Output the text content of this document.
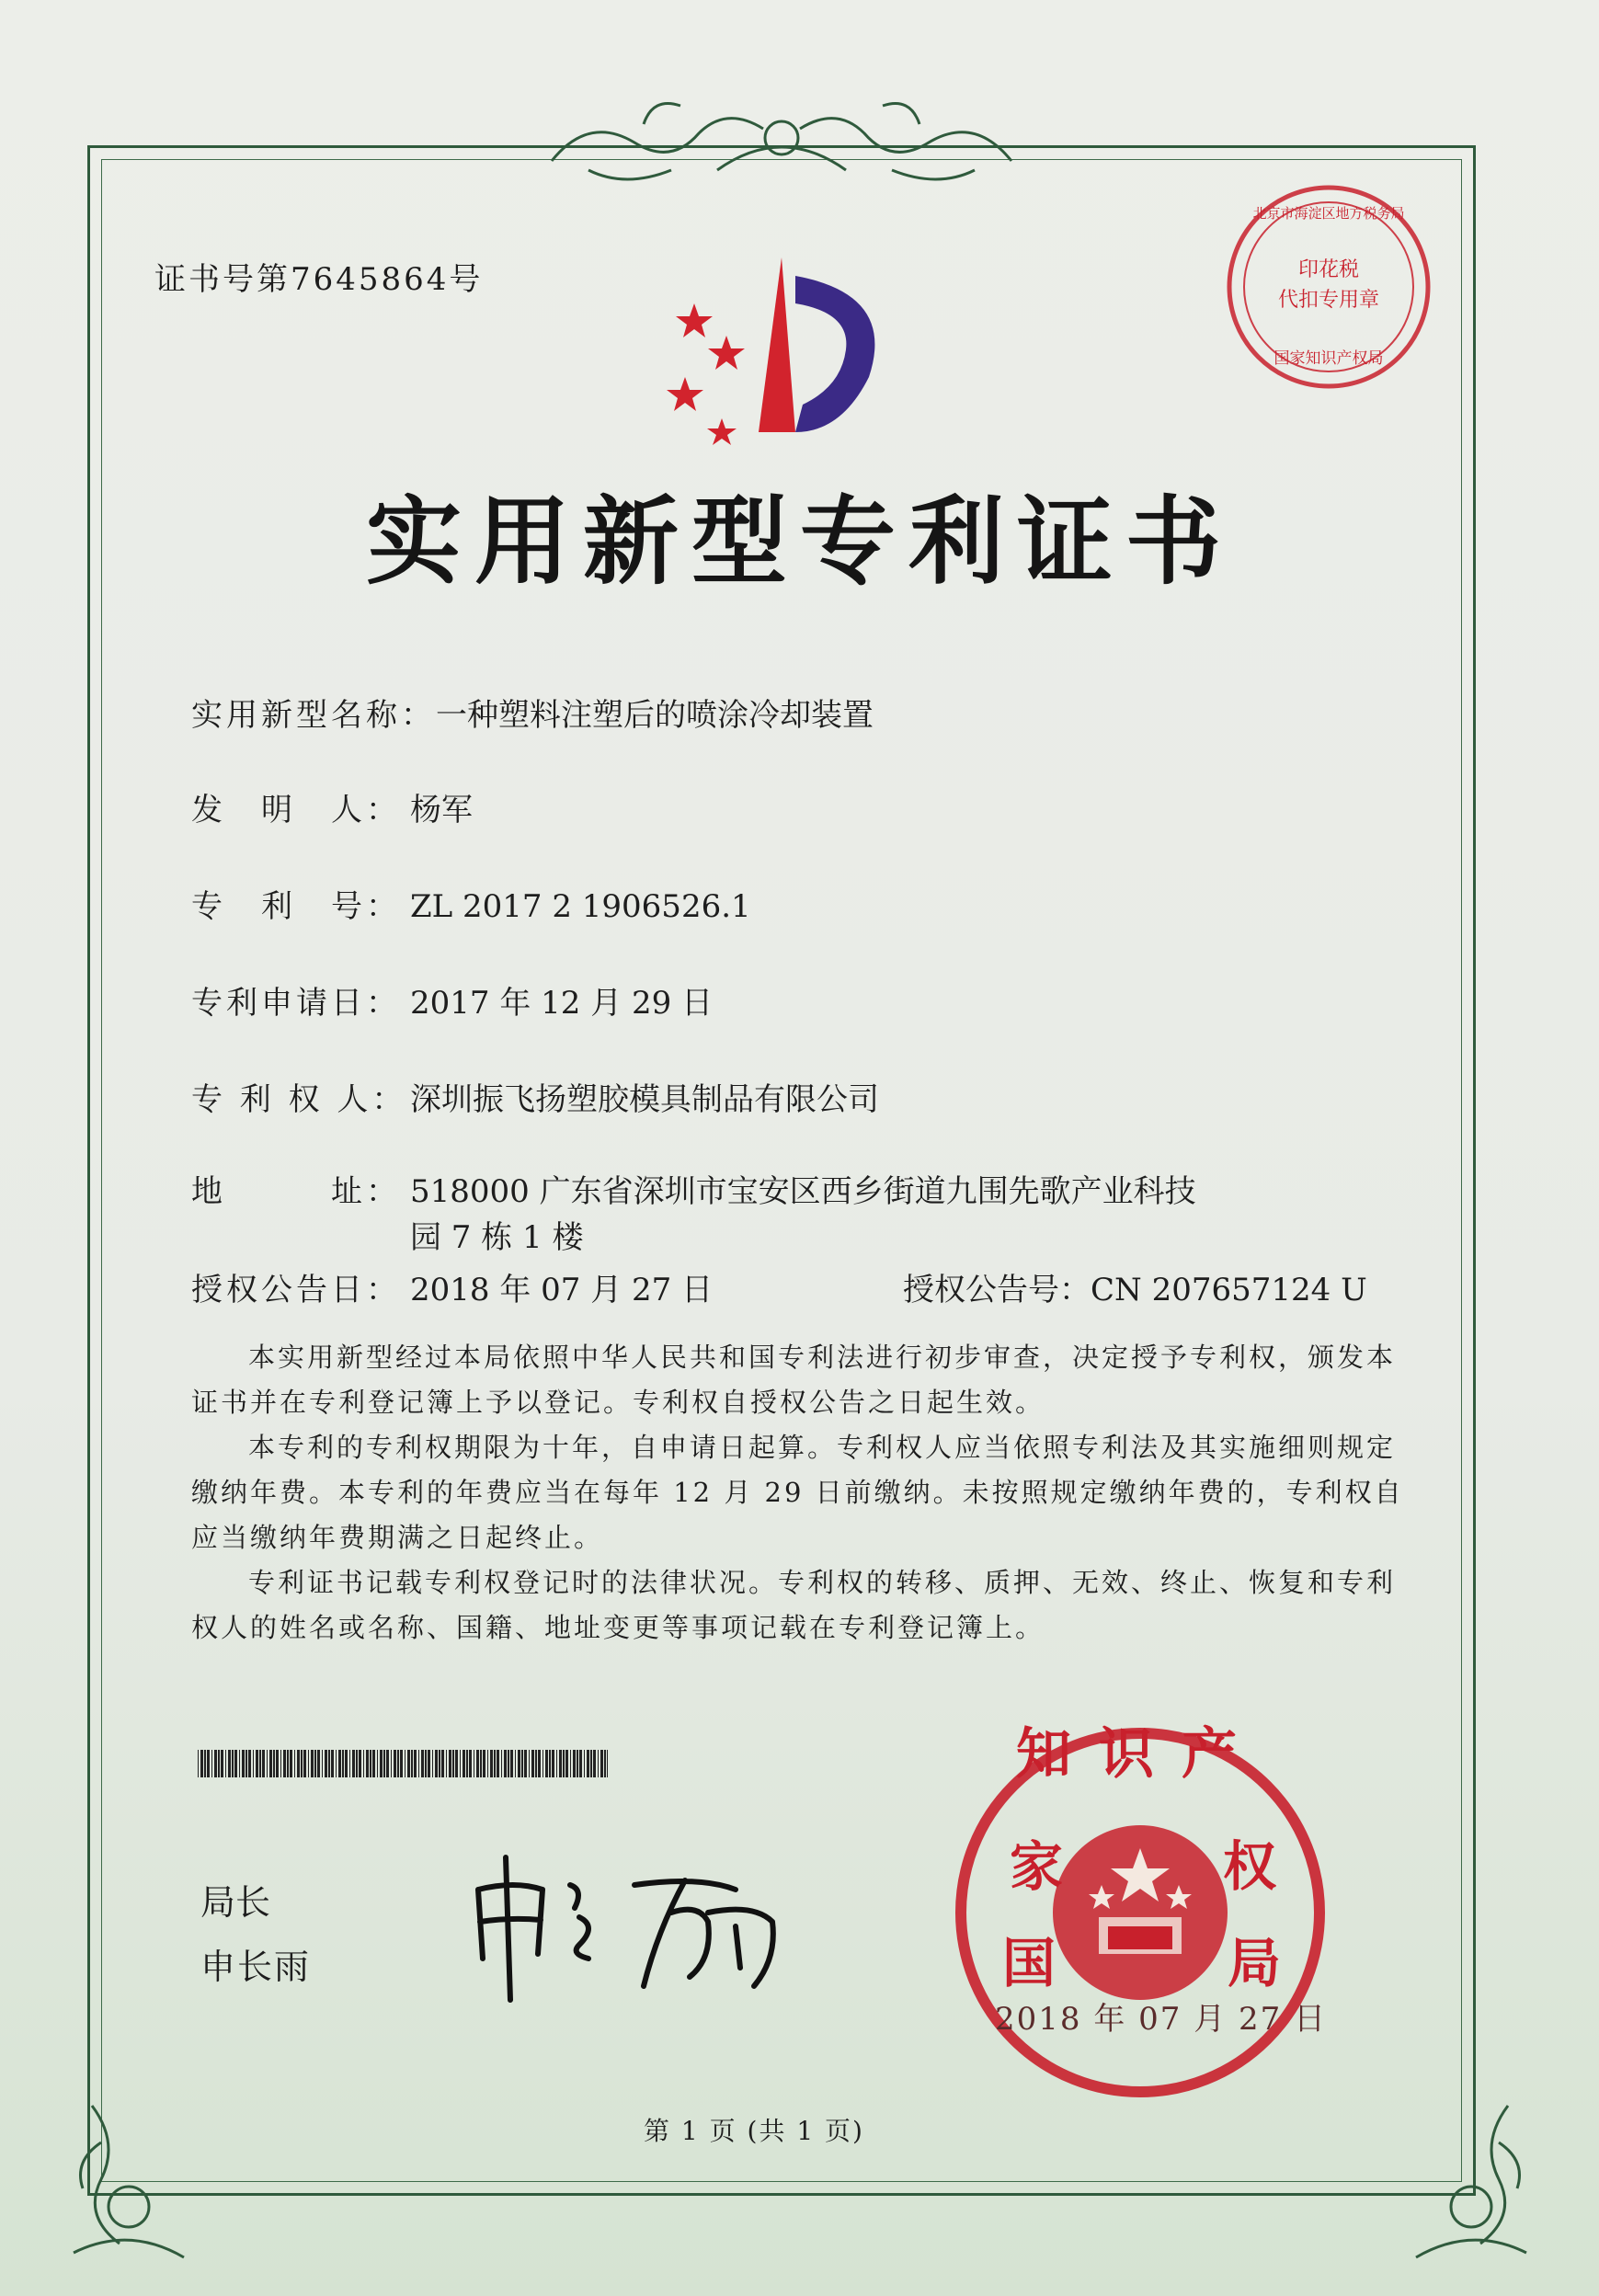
证书号第7645864号	印花税
代扣专用章
北京市海淀区地方税务局
国家知识产权局
实用新型专利证书
实用新型名称：一种塑料注塑后的喷涂冷却装置
发　明　人： 杨军
专　利　号： ZL 2017 2 1906526.1
专利申请日： 2017 年 12 月 29 日
专 利 权 人： 深圳振飞扬塑胶模具制品有限公司
地　　　址： 518000 广东省深圳市宝安区西乡街道九围先歌产业科技
园 7 栋 1 楼
授权公告日： 2018 年 07 月 27 日	授权公告号：CN 207657124 U

本实用新型经过本局依照中华人民共和国专利法进行初步审查，决定授予专利权，颁发本证书并在专利登记簿上予以登记。专利权自授权公告之日起生效。

本专利的专利权期限为十年，自申请日起算。专利权人应当依照专利法及其实施细则规定缴纳年费。本专利的年费应当在每年 12 月 29 日前缴纳。未按照规定缴纳年费的，专利权自应当缴纳年费期满之日起终止。

专利证书记载专利权登记时的法律状况。专利权的转移、质押、无效、终止、恢复和专利权人的姓名或名称、国籍、地址变更等事项记载在专利登记簿上。

局长
申长雨
知识产
家
国
权
局
2018 年 07 月 27 日
第 1 页 (共 1 页)
